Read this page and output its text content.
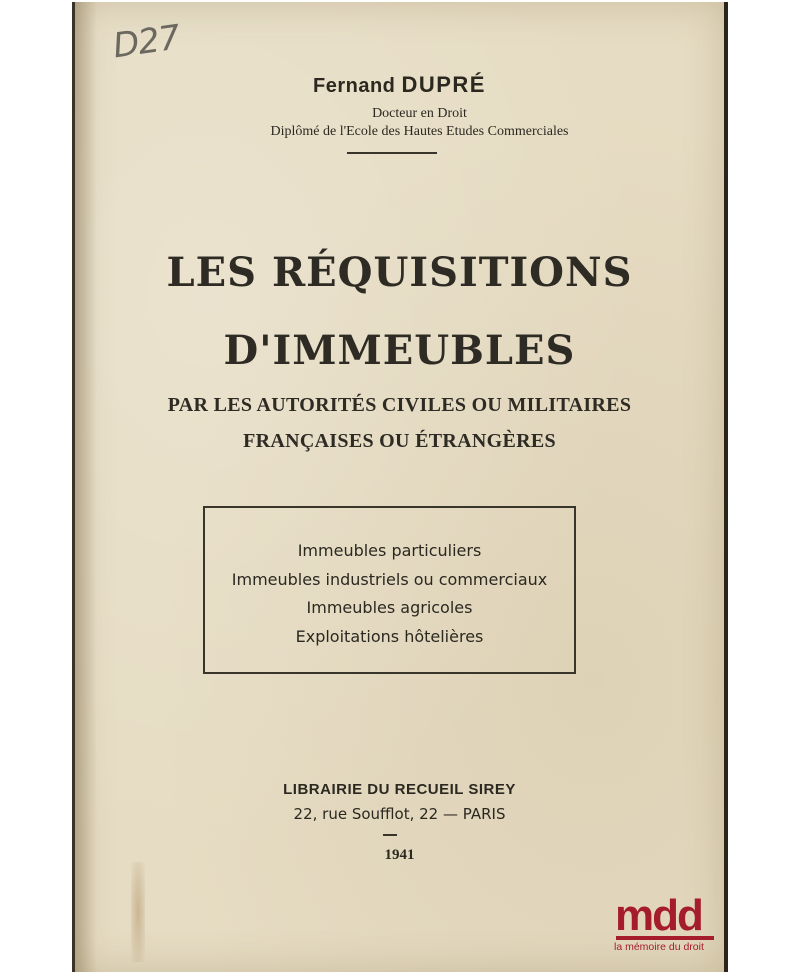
D27
Fernand DUPRÉ
Docteur en Droit
Diplômé de l'Ecole des Hautes Etudes Commerciales
LES RÉQUISITIONS
D'IMMEUBLES
PAR LES AUTORITÉS CIVILES OU MILITAIRES
FRANÇAISES OU ÉTRANGÈRES
Immeubles particuliers
Immeubles industriels ou commerciaux
Immeubles agricoles
Exploitations hôtelières
LIBRAIRIE DU RECUEIL SIREY
22, rue Soufflot, 22 — PARIS
1941
mdd
la mémoire du droit
